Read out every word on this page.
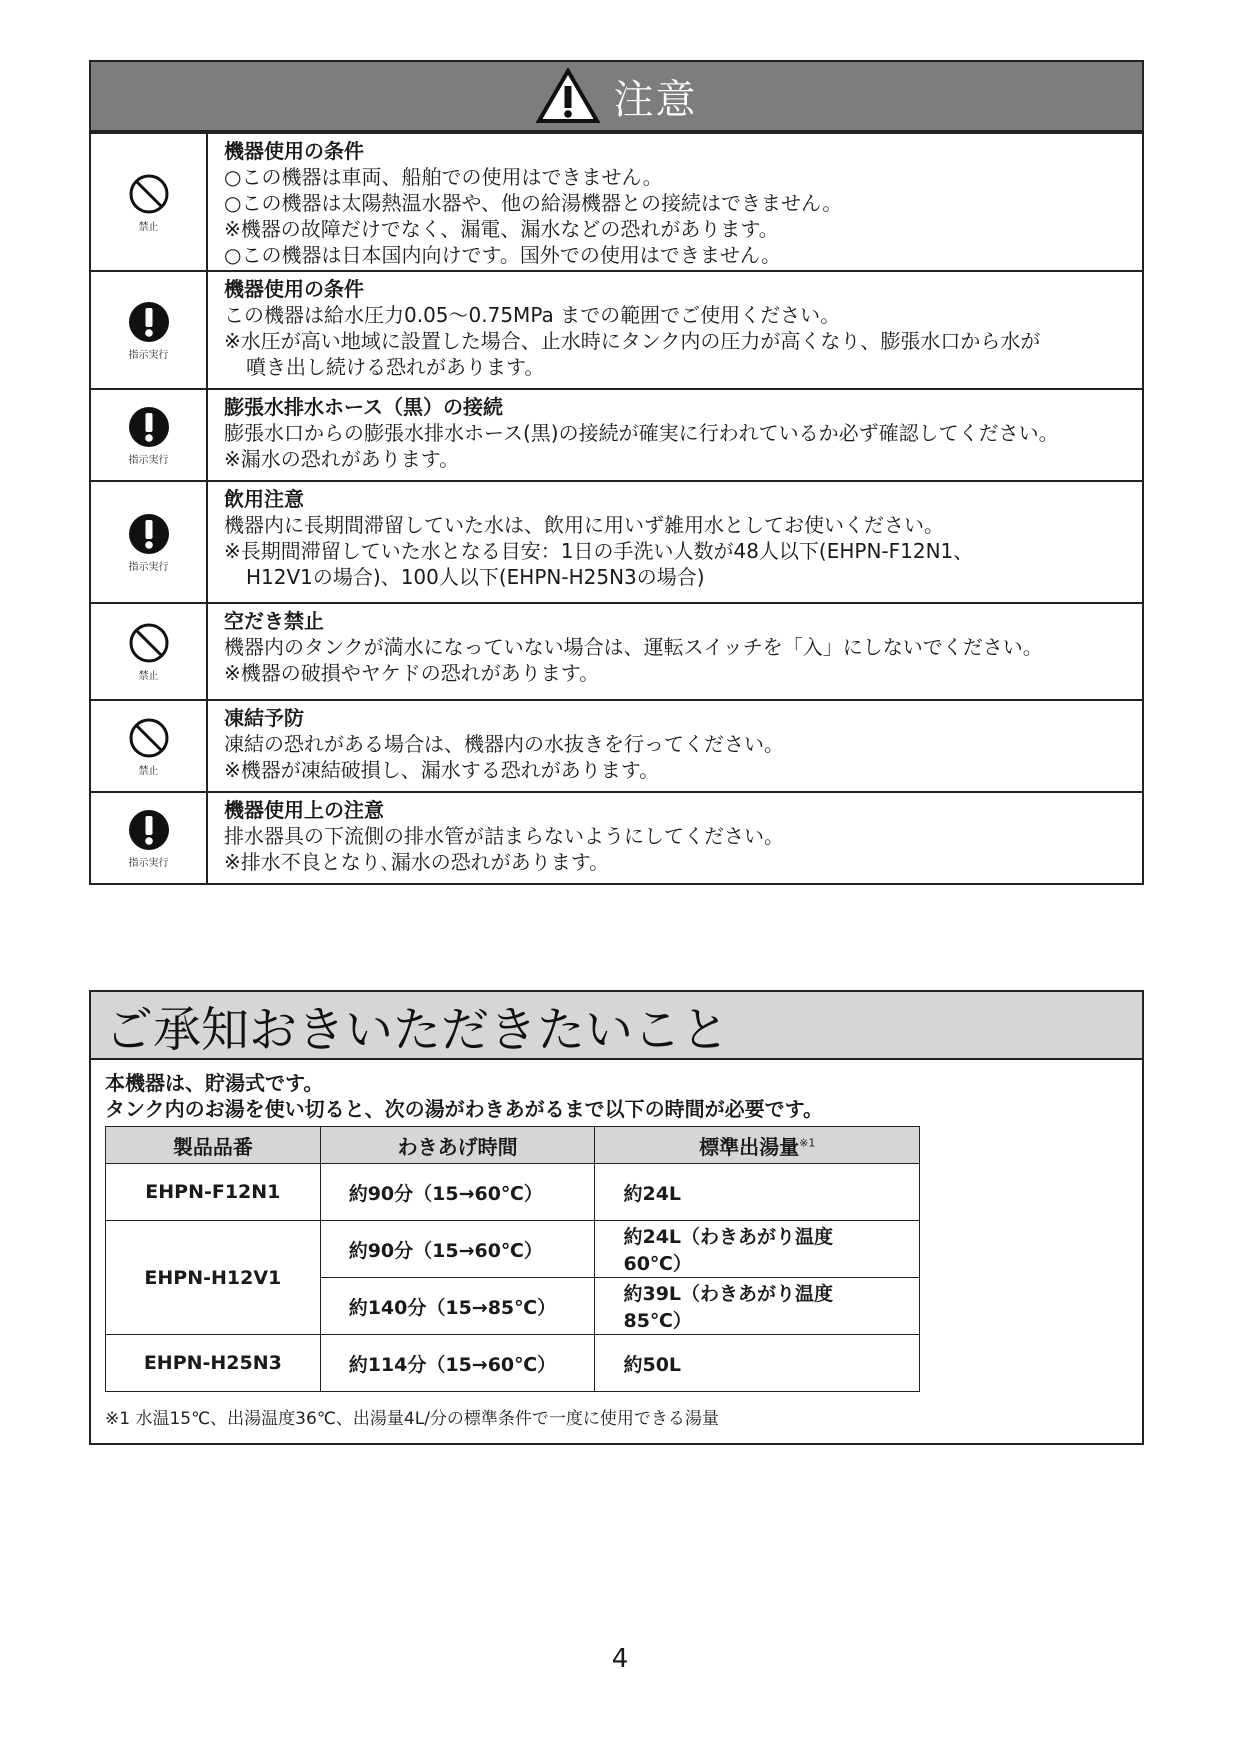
注意
禁止
機器使用の条件
○この機器は車両、船舶での使用はできません。
○この機器は太陽熱温水器や、他の給湯機器との接続はできません。
※機器の故障だけでなく、漏電、漏水などの恐れがあります。
○この機器は日本国内向けです。国外での使用はできません。
指示実行
機器使用の条件
この機器は給水圧力0.05～0.75MPa までの範囲でご使用ください。
※水圧が高い地域に設置した場合、止水時にタンク内の圧力が高くなり、膨張水口から水が
噴き出し続ける恐れがあります。
指示実行
膨張水排水ホース（黒）の接続
膨張水口からの膨張水排水ホース(黒)の接続が確実に行われているか必ず確認してください。
※漏水の恐れがあります。
指示実行
飲用注意
機器内に長期間滞留していた水は、飲用に用いず雑用水としてお使いください。
※長期間滞留していた水となる目安：1日の手洗い人数が48人以下(EHPN-F12N1、
H12V1の場合)、100人以下(EHPN-H25N3の場合)
禁止
空だき禁止
機器内のタンクが満水になっていない場合は、運転スイッチを「入」にしないでください。
※機器の破損やヤケドの恐れがあります。
禁止
凍結予防
凍結の恐れがある場合は、機器内の水抜きを行ってください。
※機器が凍結破損し、漏水する恐れがあります。
指示実行
機器使用上の注意
排水器具の下流側の排水管が詰まらないようにしてください。
※排水不良となり､漏水の恐れがあります。
ご承知おきいただきたいこと
本機器は、貯湯式です。
タンク内のお湯を使い切ると、次の湯がわきあがるまで以下の時間が必要です。
製品品番	わきあげ時間	標準出湯量$^{※1}$
EHPN-F12N1	約90分（15→60℃）	約24L
EHPN-H12V1	約90分（15→60℃）	約24L（わきあがり温度60℃）
	約140分（15→85℃）	約39L（わきあがり温度85℃）
EHPN-H25N3	約114分（15→60℃）	約50L
※1 水温15℃、出湯温度36℃、出湯量4L/分の標準条件で一度に使用できる湯量
4
